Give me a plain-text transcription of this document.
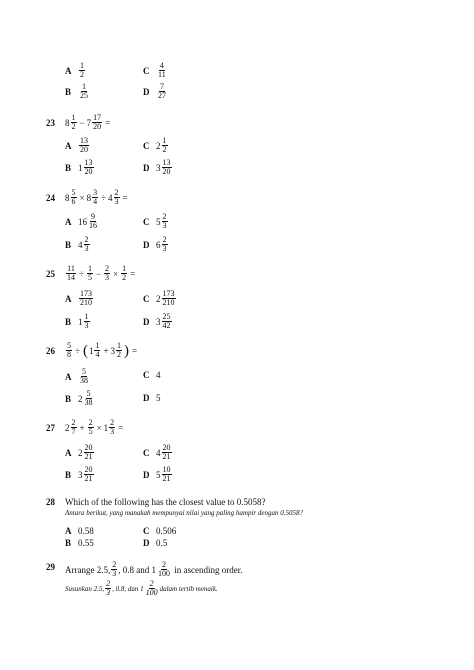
A $\frac{1}{2}$	C $\frac{4}{11}$
B $\frac{1}{25}$	D $\frac{7}{27}$
23 $8 \frac{1}{2} - 7 \frac{17}{20}$ =
A $\frac{13}{20}$	C $2 \frac{1}{2}$
B $1 \frac{13}{20}$	D $3 \frac{13}{20}$
24 $8 \frac{5}{6} \times 8 \frac{3}{4} \div 4 \frac{2}{3}$ =
A $16 \frac{9}{16}$	C $5 \frac{2}{3}$
B $4 \frac{2}{3}$	D $6 \frac{2}{3}$
$25 \frac{11}{14} \div \frac{1}{5} - \frac{2}{3} \times \frac{1}{2}$ =
A $\frac{173}{210}$	C $2 \frac{173}{210}$
B $1 \frac{1}{3}$	D $3 \frac{25}{42}$
$26 \frac{5}{8}$ ÷ ( $1 \frac{1}{4} + 3 \frac{1}{2}$ ) =
A $\frac{5}{38}$	C 4
B $2 \frac{5}{38}$	D 5
27 $2 \frac{2}{7} + \frac{2}{5} \times 1 \frac{2}{3}$ =
A $2 \frac{20}{21}$	C $4 \frac{20}{21}$
B $3 \frac{20}{21}$	D $5 \frac{10}{21}$
28 Which of the following has the closest value to 0.5058?
Antara berikut, yang manakah mempunyai nilai yang paling hampir dengan 0.5058?
A 0.58	C 0.506
B 0.55	D 0.5
29 Arrange 2.5, $\frac{2}{3}$ , 0.8 and
$1 \frac{2}{100}$
in ascending order.
Susunkan 2.5, $\frac{2}{3}$ , 0.8, dan
$1 \frac{2}{100}$ dalam tertib menaik.
